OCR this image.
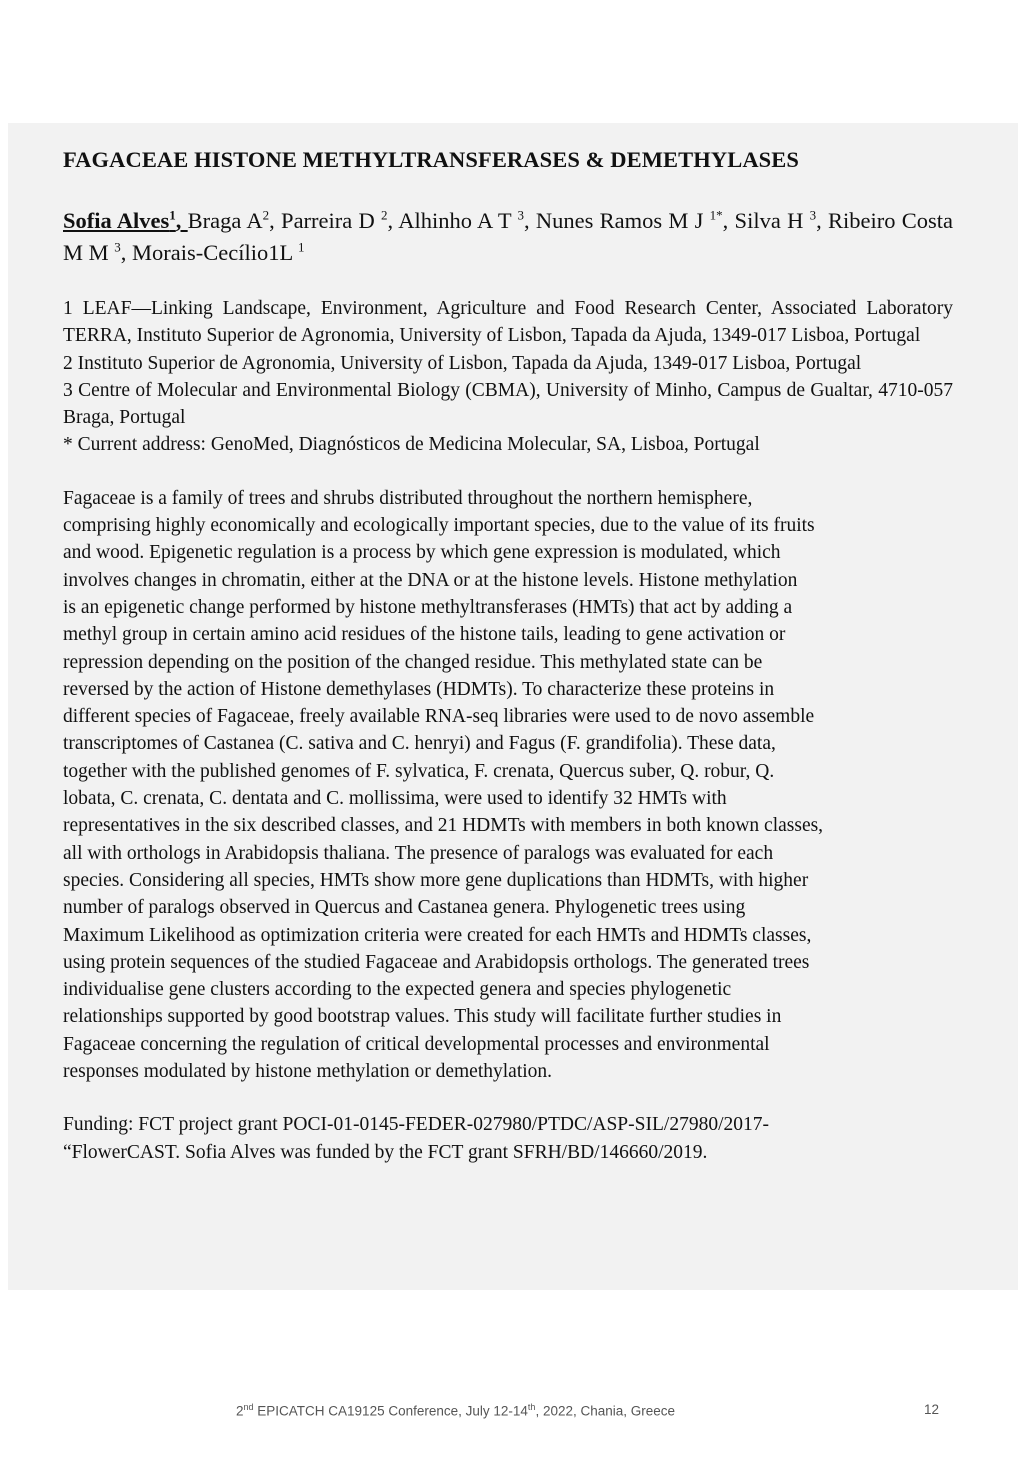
FAGACEAE HISTONE METHYLTRANSFERASES & DEMETHYLASES
Sofia Alves$^1$, Braga $A^2$, Parreira D $^2$, Alhinho A T $^3$, Nunes Ramos M J $^{1*}$, Silva H $^3$, Ribeiro Costa M M $^3$, Morais-Cecílio1L $^1$
1 LEAF—Linking Landscape, Environment, Agriculture and Food Research Center, Associated Laboratory TERRA, Instituto Superior de Agronomia, University of Lisbon, Tapada da Ajuda, 1349-017 Lisboa, Portugal
2 Instituto Superior de Agronomia, University of Lisbon, Tapada da Ajuda, 1349-017 Lisboa, Portugal
3 Centre of Molecular and Environmental Biology (CBMA), University of Minho, Campus de Gualtar, 4710-057 Braga, Portugal
* Current address: GenoMed, Diagnósticos de Medicina Molecular, SA, Lisboa, Portugal
Fagaceae is a family of trees and shrubs distributed throughout the northern hemisphere,
comprising highly economically and ecologically important species, due to the value of its fruits
and wood. Epigenetic regulation is a process by which gene expression is modulated, which
involves changes in chromatin, either at the DNA or at the histone levels. Histone methylation
is an epigenetic change performed by histone methyltransferases (HMTs) that act by adding a
methyl group in certain amino acid residues of the histone tails, leading to gene activation or
repression depending on the position of the changed residue. This methylated state can be
reversed by the action of Histone demethylases (HDMTs). To characterize these proteins in
different species of Fagaceae, freely available RNA-seq libraries were used to de novo assemble
transcriptomes of Castanea (C. sativa and C. henryi) and Fagus (F. grandifolia). These data,
together with the published genomes of F. sylvatica, F. crenata, Quercus suber, Q. robur, Q.
lobata, C. crenata, C. dentata and C. mollissima, were used to identify 32 HMTs with
representatives in the six described classes, and 21 HDMTs with members in both known classes,
all with orthologs in Arabidopsis thaliana. The presence of paralogs was evaluated for each
species. Considering all species, HMTs show more gene duplications than HDMTs, with higher
number of paralogs observed in Quercus and Castanea genera. Phylogenetic trees using
Maximum Likelihood as optimization criteria were created for each HMTs and HDMTs classes,
using protein sequences of the studied Fagaceae and Arabidopsis orthologs. The generated trees
individualise gene clusters according to the expected genera and species phylogenetic
relationships supported by good bootstrap values. This study will facilitate further studies in
Fagaceae concerning the regulation of critical developmental processes and environmental
responses modulated by histone methylation or demethylation.
Funding: FCT project grant POCI-01-0145-FEDER-027980/PTDC/ASP-SIL/27980/2017-
“FlowerCAST. Sofia Alves was funded by the FCT grant SFRH/BD/146660/2019.
2nd EPICATCH CA19125 Conference, July 12-14th, 2022, Chania, Greece	12
